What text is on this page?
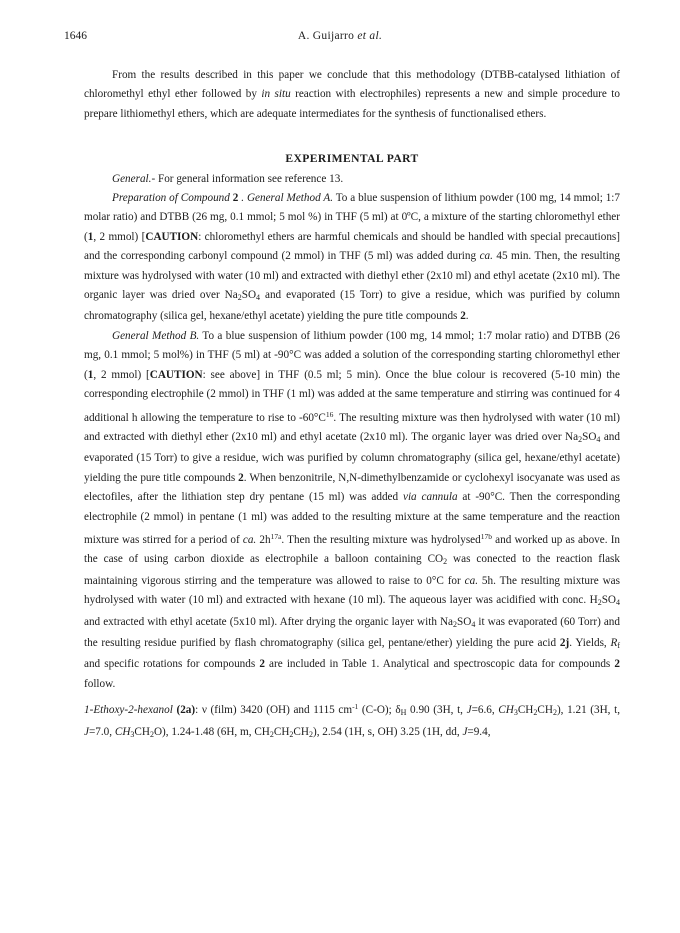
1646	A. Guijarro et al.

From the results described in this paper we conclude that this methodology (DTBB-catalysed lithiation of chloromethyl ethyl ether followed by in situ reaction with electrophiles) represents a new and simple procedure to prepare lithiomethyl ethers, which are adequate intermediates for the synthesis of functionalised ethers.

EXPERIMENTAL PART

General.- For general information see reference 13.

Preparation of Compound 2 . General Method A. To a blue suspension of lithium powder (100 mg, 14 mmol; 1:7 molar ratio) and DTBB (26 mg, 0.1 mmol; 5 mol %) in THF (5 ml) at 0ºC, a mixture of the starting chloromethyl ether (1, 2 mmol) [CAUTION: chloromethyl ethers are harmful chemicals and should be handled with special precautions] and the corresponding carbonyl compound (2 mmol) in THF (5 ml) was added during ca. 45 min. Then, the resulting mixture was hydrolysed with water (10 ml) and extracted with diethyl ether (2x10 ml) and ethyl acetate (2x10 ml). The organic layer was dried over $Na_2SO_4$ and evaporated (15 Torr) to give a residue, which was purified by column chromatography (silica gel, hexane/ethyl acetate) yielding the pure title compounds 2.

General Method B. To a blue suspension of lithium powder (100 mg, 14 mmol; 1:7 molar ratio) and DTBB (26 mg, 0.1 mmol; 5 mol%) in THF (5 ml) at -90°C was added a solution of the corresponding starting chloromethyl ether (1, 2 mmol) [CAUTION: see above] in THF (0.5 ml; 5 min). Once the blue colour is recovered (5-10 min) the corresponding electrophile (2 mmol) in THF (1 ml) was added at the same temperature and stirring was continued for 4 additional h allowing the temperature to rise to $-60^\circ C^{16}$. The resulting mixture was then hydrolysed with water (10 ml) and extracted with diethyl ether (2x10 ml) and ethyl acetate (2x10 ml). The organic layer was dried over $Na_2SO_4$ and evaporated (15 Torr) to give a residue, wich was purified by column chromatography (silica gel, hexane/ethyl acetate) yielding the pure title compounds 2. When benzonitrile, N,N-dimethylbenzamide or cyclohexyl isocyanate was used as electofiles, after the lithiation step dry pentane (15 ml) was added via cannula at -90°C. Then the corresponding electrophile (2 mmol) in pentane (1 ml) was added to the resulting mixture at the same temperature and the reaction mixture was stirred for a period of ca. $2h^{17a}$. Then the resulting mixture was hydrolysed$^{17b}$ and worked up as above. In the case of using carbon dioxide as electrophile a balloon containing $CO_2$ was conected to the reaction flask maintaining vigorous stirring and the temperature was allowed to raise to 0°C for ca. 5h. The resulting mixture was hydrolysed with water (10 ml) and extracted with hexane (10 ml). The aqueous layer was acidified with conc. $H_2SO_4$ and extracted with ethyl acetate (5x10 ml). After drying the organic layer with $Na_2SO_4$ it was evaporated (60 Torr) and the resulting residue purified by flash chromatography (silica gel, pentane/ether) yielding the pure acid 2j. Yields, $R_f$ and specific rotations for compounds 2 are included in Table 1. Analytical and spectroscopic data for compounds 2 follow.

1-Ethoxy-2-hexanol (2a): ν (film) 3420 (OH) and 1115 $cm^{-1}$ (C-O); $\delta_H$ 0.90 (3H, t, J=6.6, $CH_3CH_2CH_2$), 1.21 (3H, t, J=7.0, $CH_3CH_2O$), 1.24-1.48 (6H, m, $CH_2CH_2CH_2$), 2.54 (1H, s, OH) 3.25 (1H, dd, J=9.4,
